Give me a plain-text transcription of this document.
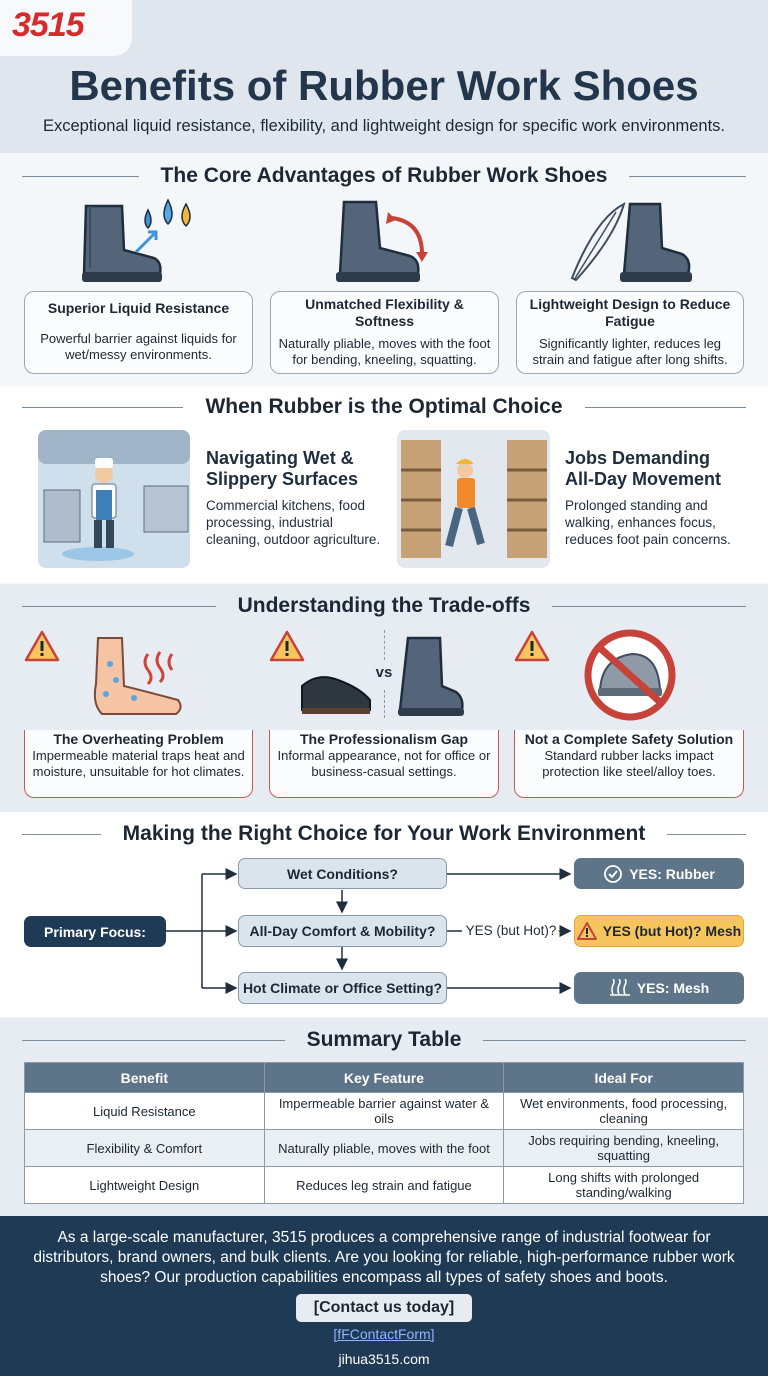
3515
Benefits of Rubber Work Shoes
Exceptional liquid resistance, flexibility, and lightweight design for specific work environments.
The Core Advantages of Rubber Work Shoes
Superior Liquid Resistance
Powerful barrier against liquids for wet/messy environments.
Unmatched Flexibility & Softness
Naturally pliable, moves with the foot for bending, kneeling, squatting.
Lightweight Design to Reduce Fatigue
Significantly lighter, reduces leg strain and fatigue after long shifts.
When Rubber is the Optimal Choice
Navigating Wet & Slippery Surfaces
Commercial kitchens, food processing, industrial cleaning, outdoor agriculture.
Jobs Demanding All-Day Movement
Prolonged standing and walking, enhances focus, reduces foot pain concerns.
Understanding the Trade-offs
vs
The Overheating Problem
Impermeable material traps heat and moisture, unsuitable for hot climates.
The Professionalism Gap
Informal appearance, not for office or business-casual settings.
Not a Complete Safety Solution
Standard rubber lacks impact protection like steel/alloy toes.
Making the Right Choice for Your Work Environment
Primary Focus:
Wet Conditions?
All-Day Comfort & Mobility?
Hot Climate or Office Setting?
YES (but Hot)?
YES: Rubber
YES (but Hot)? Mesh
YES: Mesh
Summary Table
Benefit	Key Feature	Ideal For
Liquid Resistance	Impermeable barrier against water & oils	Wet environments, food processing, cleaning
Flexibility & Comfort	Naturally pliable, moves with the foot	Jobs requiring bending, kneeling, squatting
Lightweight Design	Reduces leg strain and fatigue	Long shifts with prolonged standing/walking
As a large-scale manufacturer, 3515 produces a comprehensive range of industrial footwear for distributors, brand owners, and bulk clients. Are you looking for reliable, high-performance rubber work shoes? Our production capabilities encompass all types of safety shoes and boots.
[Contact us today]
[fFContactForm]
jihua3515.com
